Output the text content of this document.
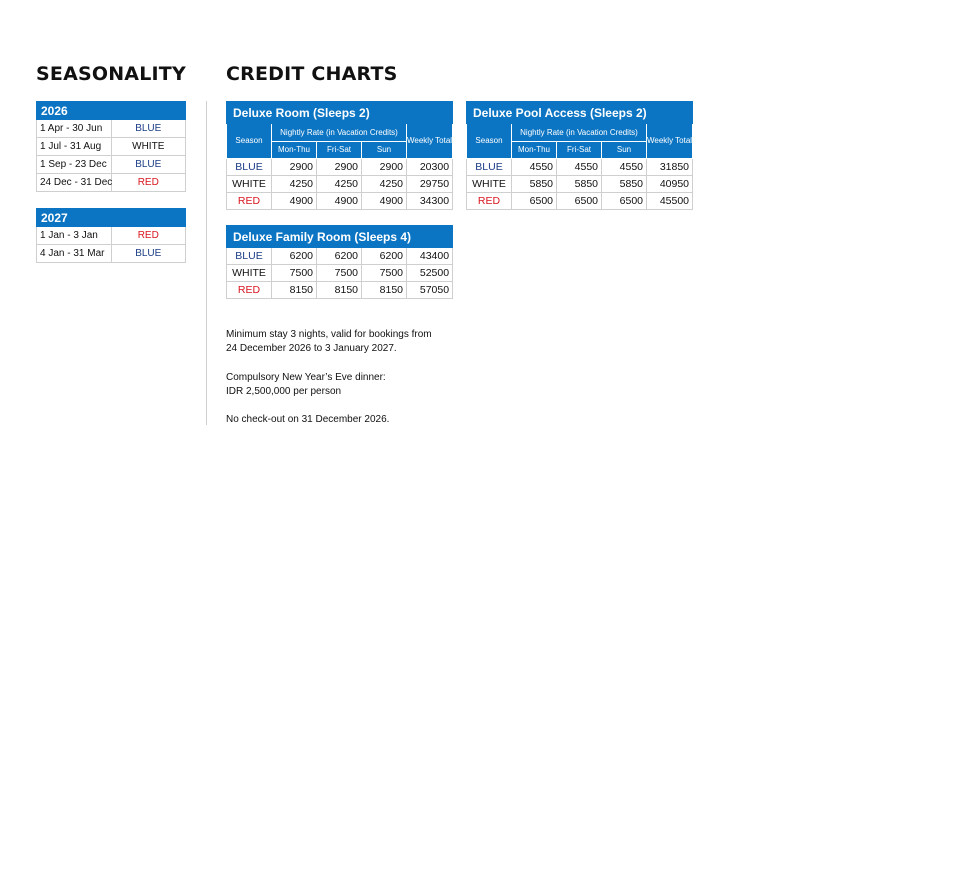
SEASONALITY CREDIT CHARTS
2026	
1 Apr - 30 Jun	BLUE
1 Jul - 31 Aug	WHITE
1 Sep - 23 Dec	BLUE
24 Dec - 31 Dec	RED
2027	
1 Jan - 3 Jan	RED
4 Jan - 31 Mar	BLUE
Deluxe Room (Sleeps 2)				
Season	Nightly Rate (in Vacation Credits)			Weekly Total
	Mon-Thu	Fri-Sat	Sun	
BLUE	2900	2900	2900	20300
WHITE	4250	4250	4250	29750
RED	4900	4900	4900	34300
Deluxe Pool Access (Sleeps 2)				
Season	Nightly Rate (in Vacation Credits)			Weekly Total
	Mon-Thu	Fri-Sat	Sun	
BLUE	4550	4550	4550	31850
WHITE	5850	5850	5850	40950
RED	6500	6500	6500	45500
Deluxe Family Room (Sleeps 4)				
BLUE	6200	6200	6200	43400
WHITE	7500	7500	7500	52500
RED	8150	8150	8150	57050
Minimum stay 3 nights, valid for bookings from
24 December 2026 to 3 January 2027.
Compulsory New Year’s Eve dinner:
IDR 2,500,000 per person
No check-out on 31 December 2026.
